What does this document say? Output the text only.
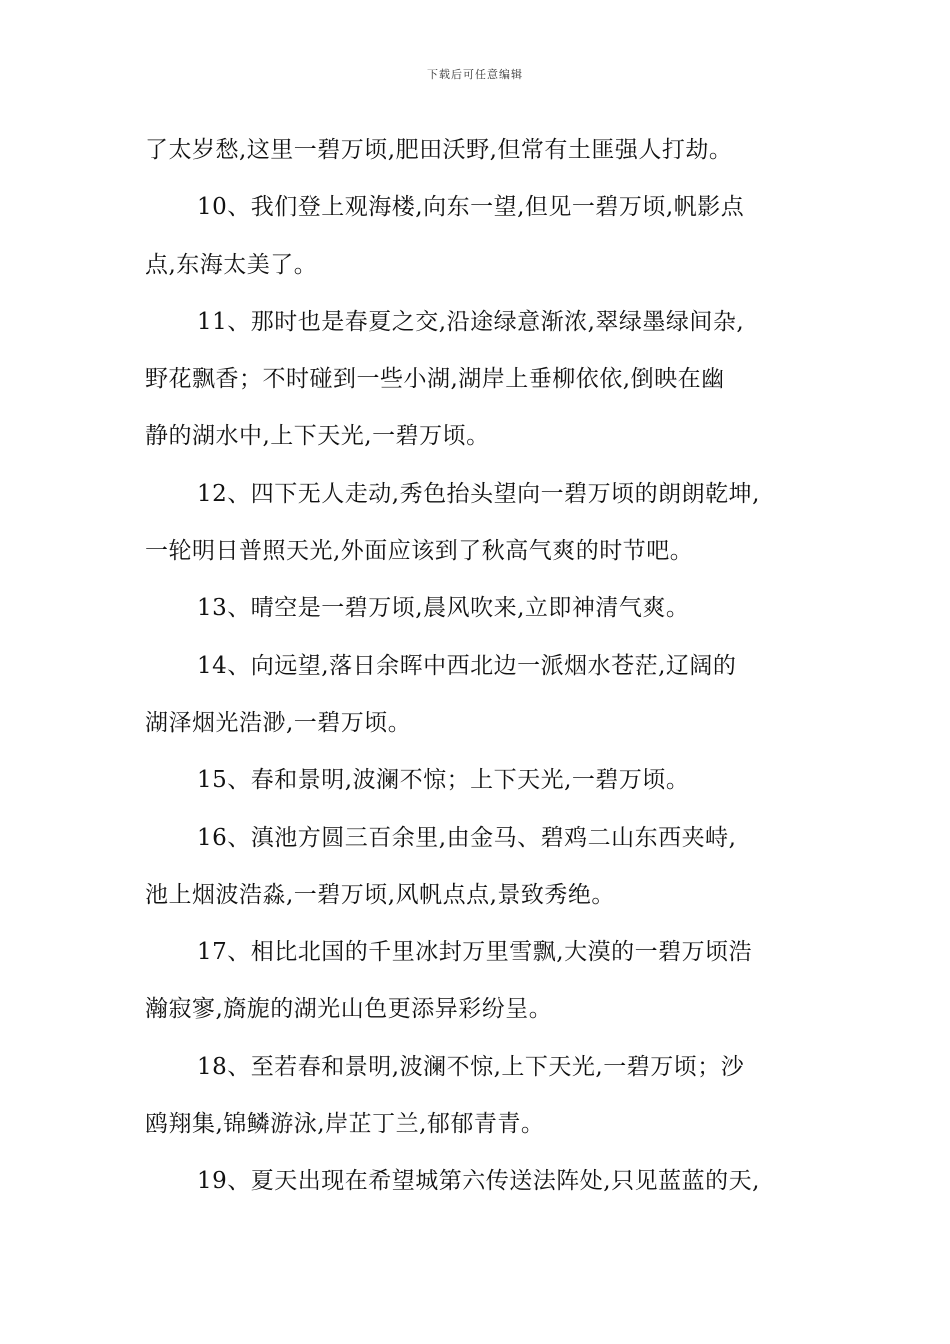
下载后可任意编辑
了太岁愁,这里一碧万顷,肥田沃野,但常有土匪强人打劫。
10、我们登上观海楼,向东一望,但见一碧万顷,帆影点
点,东海太美了。
11、那时也是春夏之交,沿途绿意渐浓,翠绿墨绿间杂,
野花飘香；不时碰到一些小湖,湖岸上垂柳依依,倒映在幽
静的湖水中,上下天光,一碧万顷。
12、四下无人走动,秀色抬头望向一碧万顷的朗朗乾坤,
一轮明日普照天光,外面应该到了秋高气爽的时节吧。
13、晴空是一碧万顷,晨风吹来,立即神清气爽。
14、向远望,落日余晖中西北边一派烟水苍茫,辽阔的
湖泽烟光浩渺,一碧万顷。
15、春和景明,波澜不惊；上下天光,一碧万顷。
16、滇池方圆三百余里,由金马、碧鸡二山东西夹峙,
池上烟波浩淼,一碧万顷,风帆点点,景致秀绝。
17、相比北国的千里冰封万里雪飘,大漠的一碧万顷浩
瀚寂寥,旖旎的湖光山色更添异彩纷呈。
18、至若春和景明,波澜不惊,上下天光,一碧万顷；沙
鸥翔集,锦鳞游泳,岸芷丁兰,郁郁青青。
19、夏天出现在希望城第六传送法阵处,只见蓝蓝的天,
